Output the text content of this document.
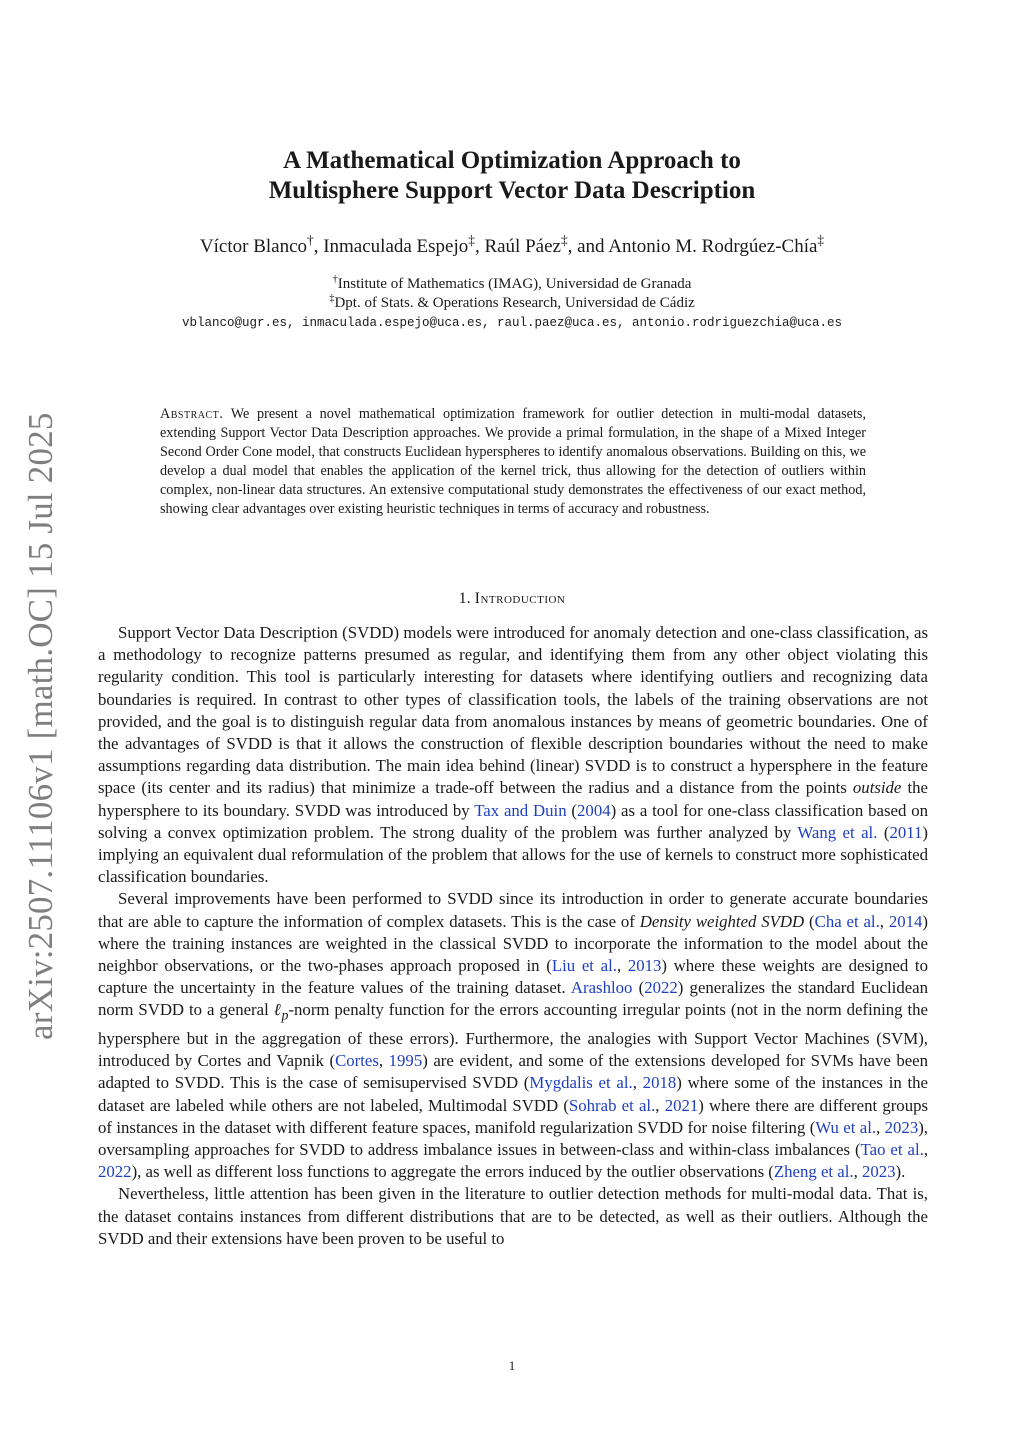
arXiv:2507.11106v1 [math.OC] 15 Jul 2025
A Mathematical Optimization Approach to
Multisphere Support Vector Data Description
Víctor Blanco†, Inmaculada Espejo‡, Raúl Páez‡, and Antonio M. Rodrgúez-Chía‡
†Institute of Mathematics (IMAG), Universidad de Granada
‡Dpt. of Stats. & Operations Research, Universidad de Cádiz
vblanco@ugr.es, inmaculada.espejo@uca.es, raul.paez@uca.es, antonio.rodriguezchia@uca.es
Abstract. We present a novel mathematical optimization framework for outlier detection in multi-modal datasets, extending Support Vector Data Description approaches. We provide a primal formulation, in the shape of a Mixed Integer Second Order Cone model, that constructs Euclidean hyperspheres to identify anomalous observations. Building on this, we develop a dual model that enables the application of the kernel trick, thus allowing for the detection of outliers within complex, non-linear data structures. An extensive computational study demonstrates the effectiveness of our exact method, showing clear advantages over existing heuristic techniques in terms of accuracy and robustness.
1. Introduction

Support Vector Data Description (SVDD) models were introduced for anomaly detection and one-class classification, as a methodology to recognize patterns presumed as regular, and identifying them from any other object violating this regularity condition. This tool is particularly interesting for datasets where identifying outliers and recognizing data boundaries is required. In contrast to other types of classification tools, the labels of the training observations are not provided, and the goal is to distinguish regular data from anomalous instances by means of geometric boundaries. One of the advantages of SVDD is that it allows the construction of flexible description boundaries without the need to make assumptions regarding data distribution. The main idea behind (linear) SVDD is to construct a hypersphere in the feature space (its center and its radius) that minimize a trade-off between the radius and a distance from the points outside the hypersphere to its boundary. SVDD was introduced by Tax and Duin (2004) as a tool for one-class classification based on solving a convex optimization problem. The strong duality of the problem was further analyzed by Wang et al. (2011) implying an equivalent dual reformulation of the problem that allows for the use of kernels to construct more sophisticated classification boundaries.

Several improvements have been performed to SVDD since its introduction in order to generate accurate boundaries that are able to capture the information of complex datasets. This is the case of Density weighted SVDD (Cha et al., 2014) where the training instances are weighted in the classical SVDD to incorporate the information to the model about the neighbor observations, or the two-phases approach proposed in (Liu et al., 2013) where these weights are designed to capture the uncertainty in the feature values of the training dataset. Arashloo (2022) generalizes the standard Euclidean norm SVDD to a general ℓ$_p$-norm penalty function for the errors accounting irregular points (not in the norm defining the hypersphere but in the aggregation of these errors). Furthermore, the analogies with Support Vector Machines (SVM), introduced by Cortes and Vapnik (Cortes, 1995) are evident, and some of the extensions developed for SVMs have been adapted to SVDD. This is the case of semisupervised SVDD (Mygdalis et al., 2018) where some of the instances in the dataset are labeled while others are not labeled, Multimodal SVDD (Sohrab et al., 2021) where there are different groups of instances in the dataset with different feature spaces, manifold regularization SVDD for noise filtering (Wu et al., 2023), oversampling approaches for SVDD to address imbalance issues in between-class and within-class imbalances (Tao et al., 2022), as well as different loss functions to aggregate the errors induced by the outlier observations (Zheng et al., 2023).

Nevertheless, little attention has been given in the literature to outlier detection methods for multi-modal data. That is, the dataset contains instances from different distributions that are to be detected, as well as their outliers. Although the SVDD and their extensions have been proven to be useful to

1
